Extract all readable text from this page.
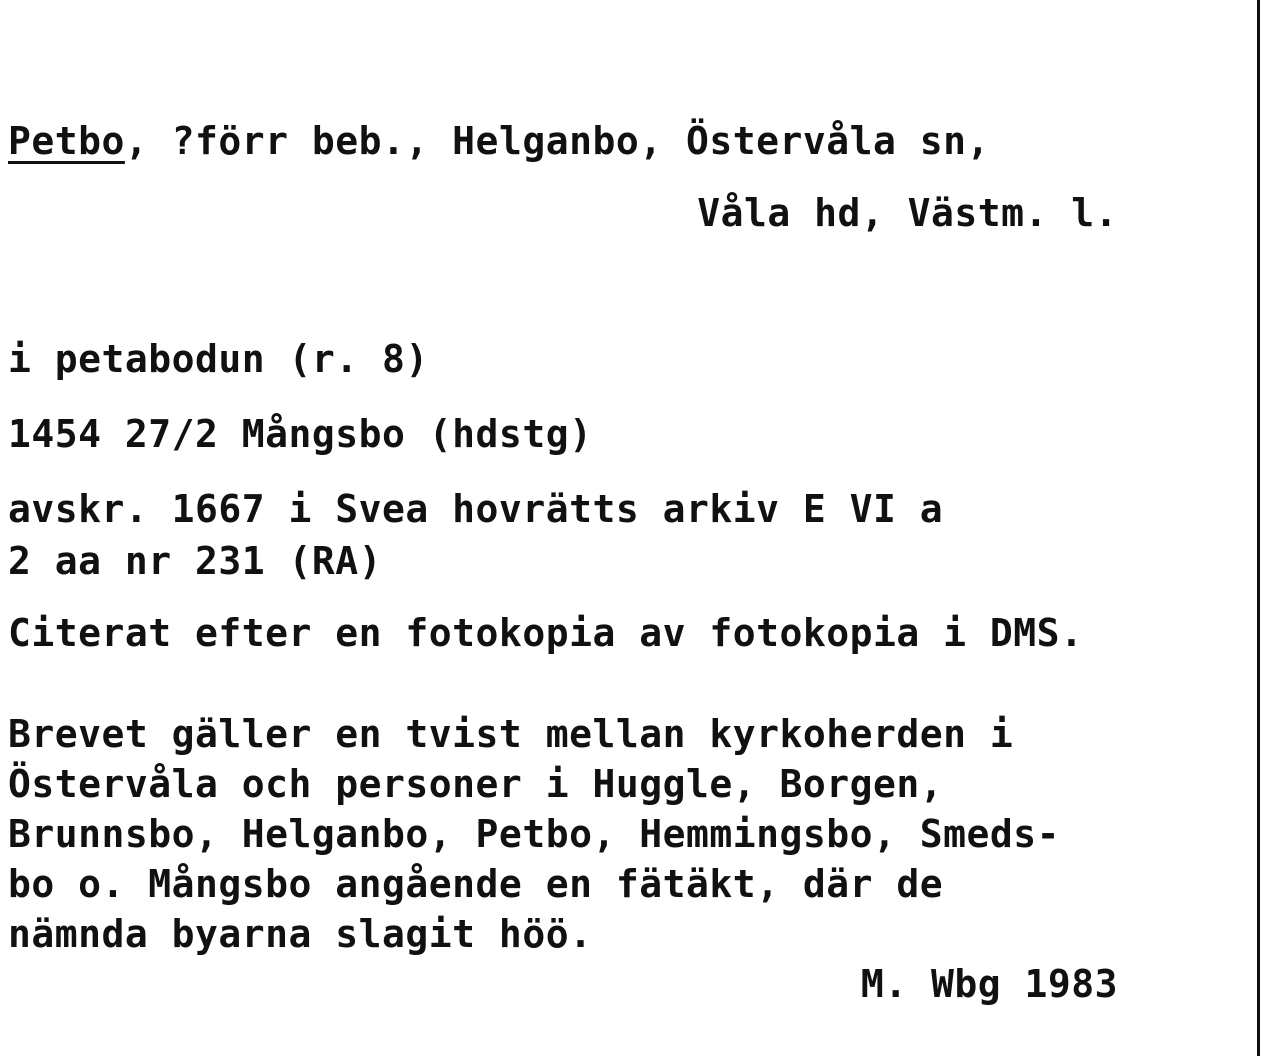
Petbo, ?förr beb., Helganbo, Östervåla sn,
Våla hd, Västm. l.
i petabodun (r. 8)
1454 27/2 Mångsbo (hdstg)
avskr. 1667 i Svea hovrätts arkiv E VI a
2 aa nr 231 (RA)
Citerat efter en fotokopia av fotokopia i DMS.
Brevet gäller en tvist mellan kyrkoherden i
Östervåla och personer i Huggle, Borgen,
Brunnsbo, Helganbo, Petbo, Hemmingsbo, Smeds-
bo o. Mångsbo angående en fätäkt, där de
nämnda byarna slagit höö.
M. Wbg 1983
